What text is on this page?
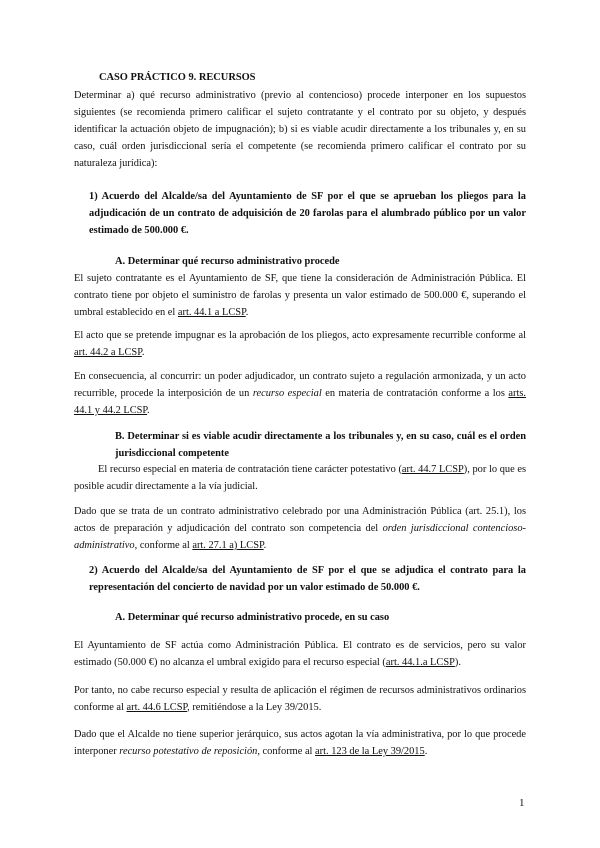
CASO PRÁCTICO 9. RECURSOS

Determinar a) qué recurso administrativo (previo al contencioso) procede interponer en los supuestos siguientes (se recomienda primero calificar el sujeto contratante y el contrato por su objeto, y después identificar la actuación objeto de impugnación); b) si es viable acudir directamente a los tribunales y, en su caso, cuál orden jurisdiccional sería el competente (se recomienda primero calificar el contrato por su naturaleza jurídica):

1) Acuerdo del Alcalde/sa del Ayuntamiento de SF por el que se aprueban los pliegos para la adjudicación de un contrato de adquisición de 20 farolas para el alumbrado público por un valor estimado de 500.000 €.

A. Determinar qué recurso administrativo procede

El sujeto contratante es el Ayuntamiento de SF, que tiene la consideración de Administración Pública. El contrato tiene por objeto el suministro de farolas y presenta un valor estimado de 500.000 €, superando el umbral establecido en el art. 44.1 a LCSP.

El acto que se pretende impugnar es la aprobación de los pliegos, acto expresamente recurrible conforme al art. 44.2 a LCSP.

En consecuencia, al concurrir: un poder adjudicador, un contrato sujeto a regulación armonizada, y un acto recurrible, procede la interposición de un recurso especial en materia de contratación conforme a los arts. 44.1 y 44.2 LCSP.

B. Determinar si es viable acudir directamente a los tribunales y, en su caso, cuál es el orden jurisdiccional competente

El recurso especial en materia de contratación tiene carácter potestativo (art. 44.7 LCSP), por lo que es posible acudir directamente a la vía judicial.

Dado que se trata de un contrato administrativo celebrado por una Administración Pública (art. 25.1), los actos de preparación y adjudicación del contrato son competencia del orden jurisdiccional contencioso-administrativo, conforme al art. 27.1 a) LCSP.

2) Acuerdo del Alcalde/sa del Ayuntamiento de SF por el que se adjudica el contrato para la representación del concierto de navidad por un valor estimado de 50.000 €.

A. Determinar qué recurso administrativo procede, en su caso

El Ayuntamiento de SF actúa como Administración Pública. El contrato es de servicios, pero su valor estimado (50.000 €) no alcanza el umbral exigido para el recurso especial (art. 44.1.a LCSP).

Por tanto, no cabe recurso especial y resulta de aplicación el régimen de recursos administrativos ordinarios conforme al art. 44.6 LCSP, remitiéndose a la Ley 39/2015.

Dado que el Alcalde no tiene superior jerárquico, sus actos agotan la vía administrativa, por lo que procede interponer recurso potestativo de reposición, conforme al art. 123 de la Ley 39/2015.

1
